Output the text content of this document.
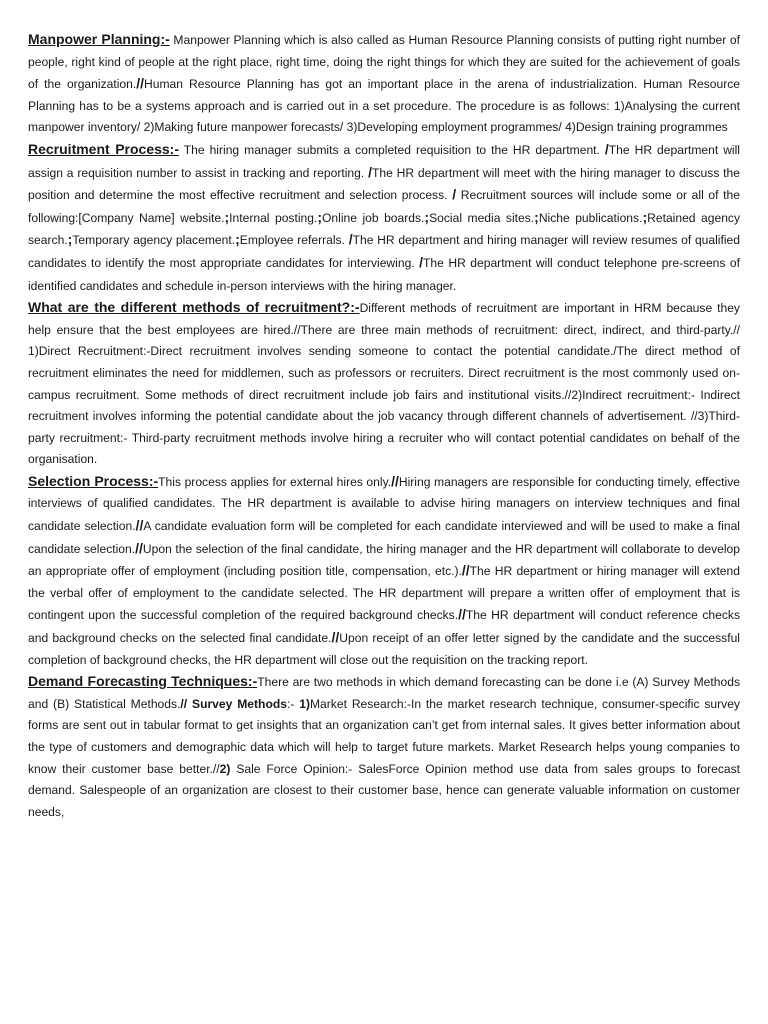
Manpower Planning:- Manpower Planning which is also called as Human Resource Planning consists of putting right number of people, right kind of people at the right place, right time, doing the right things for which they are suited for the achievement of goals of the organization.//Human Resource Planning has got an important place in the arena of industrialization. Human Resource Planning has to be a systems approach and is carried out in a set procedure. The procedure is as follows: 1)Analysing the current manpower inventory/ 2)Making future manpower forecasts/ 3)Developing employment programmes/ 4)Design training programmes

Recruitment Process:- The hiring manager submits a completed requisition to the HR department. /The HR department will assign a requisition number to assist in tracking and reporting. /The HR department will meet with the hiring manager to discuss the position and determine the most effective recruitment and selection process. / Recruitment sources will include some or all of the following:[Company Name] website.;Internal posting.;Online job boards.;Social media sites.;Niche publications.;Retained agency search.;Temporary agency placement.;Employee referrals. /The HR department and hiring manager will review resumes of qualified candidates to identify the most appropriate candidates for interviewing. /The HR department will conduct telephone pre-screens of identified candidates and schedule in-person interviews with the hiring manager.

What are the different methods of recruitment?:-Different methods of recruitment are important in HRM because they help ensure that the best employees are hired.//There are three main methods of recruitment: direct, indirect, and third-party.// 1)Direct Recruitment:-Direct recruitment involves sending someone to contact the potential candidate./The direct method of recruitment eliminates the need for middlemen, such as professors or recruiters. Direct recruitment is the most commonly used on-campus recruitment. Some methods of direct recruitment include job fairs and institutional visits.//2)Indirect recruitment:- Indirect recruitment involves informing the potential candidate about the job vacancy through different channels of advertisement. //3)Third-party recruitment:- Third-party recruitment methods involve hiring a recruiter who will contact potential candidates on behalf of the organisation.

Selection Process:-This process applies for external hires only.//Hiring managers are responsible for conducting timely, effective interviews of qualified candidates. The HR department is available to advise hiring managers on interview techniques and final candidate selection.//A candidate evaluation form will be completed for each candidate interviewed and will be used to make a final candidate selection.//Upon the selection of the final candidate, the hiring manager and the HR department will collaborate to develop an appropriate offer of employment (including position title, compensation, etc.).//The HR department or hiring manager will extend the verbal offer of employment to the candidate selected. The HR department will prepare a written offer of employment that is contingent upon the successful completion of the required background checks.//The HR department will conduct reference checks and background checks on the selected final candidate.//Upon receipt of an offer letter signed by the candidate and the successful completion of background checks, the HR department will close out the requisition on the tracking report.

Demand Forecasting Techniques:-There are two methods in which demand forecasting can be done i.e (A) Survey Methods and (B) Statistical Methods.// Survey Methods:- 1)Market Research:-In the market research technique, consumer-specific survey forms are sent out in tabular format to get insights that an organization can’t get from internal sales. It gives better information about the type of customers and demographic data which will help to target future markets. Market Research helps young companies to know their customer base better.//2) Sale Force Opinion:- SalesForce Opinion method use data from sales groups to forecast demand. Salespeople of an organization are closest to their customer base, hence can generate valuable information on customer needs,
